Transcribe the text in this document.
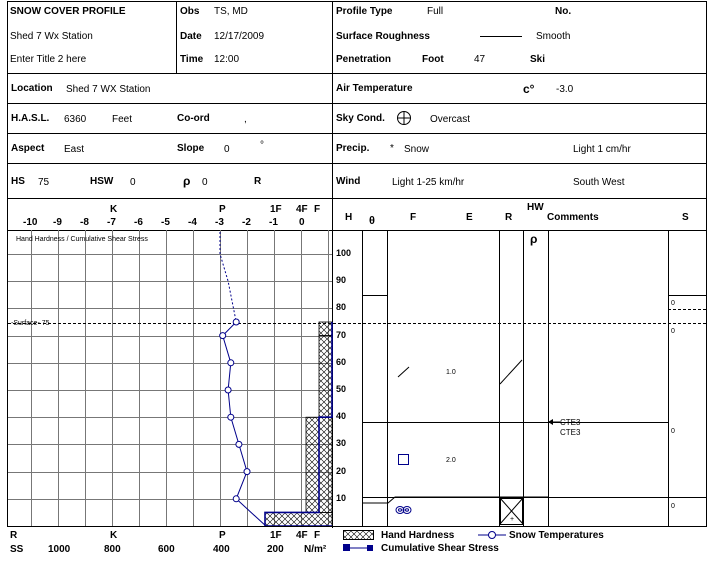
SNOW COVER PROFILE
Shed 7 Wx Station
Enter Title 2 here
Obs TS, MD
Date 12/17/2009
Time 12:00
Profile Type	Full	No.
Surface Roughness	Smooth
Penetration	Foot	47	Ski
Location Shed 7 WX Station	Air Temperature	c° -3.0
H.A.S.L. 6360	Feet	Co-ord	,	Sky Cond.	Overcast
Aspect East	Slope 0	°	Precip. * Snow	Light 1 cm/hr
HS 75	HSW 0	ρ 0	R	Wind	Light 1-25 km/hr	South West
K	P	1F 4F F
-10 -9 -8 -7 -6 -5 -4 -3 -2 -1 0
Hand Hardness / Cumulative Shear Stress
-Surface- 75
100
90
80
70
60
50
40
30
20
10
H θ	F	E	R
HW
Comments	S
ρ
1.0
2.0
CTE3
CTE3
0
0
0
0
+
R	K	P	1F 4F F
SS 1000	800	600	400	200 N/m²
Hand Hardness	Snow Temperatures
Cumulative Shear Stress
